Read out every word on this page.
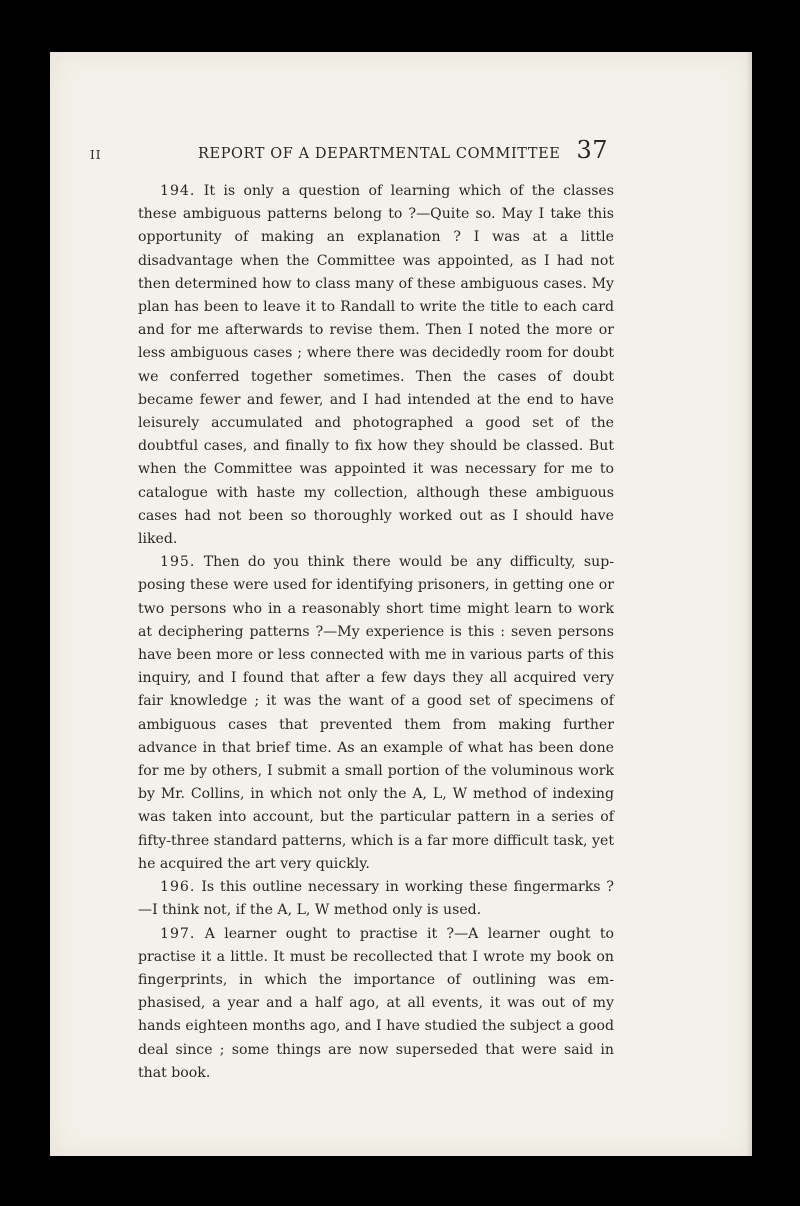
II	REPORT OF A DEPARTMENTAL COMMITTEE 37

194. It is only a question of learning which of the classes these ambiguous patterns belong to ?—Quite so. May I take this opportunity of making an explanation ? I was at a little disadvantage when the Committee was appointed, as I had not then determined how to class many of these ambiguous cases. My plan has been to leave it to Randall to write the title to each card and for me afterwards to revise them. Then I noted the more or less ambiguous cases ; where there was decidedly room for doubt we conferred together sometimes. Then the cases of doubt became fewer and fewer, and I had intended at the end to have leisurely accumulated and photographed a good set of the doubtful cases, and finally to fix how they should be classed. But when the Committee was appointed it was necessary for me to catalogue with haste my collection, although these ambiguous cases had not been so thoroughly worked out as I should have liked.

195. Then do you think there would be any difficulty, sup- posing these were used for identifying prisoners, in getting one or two persons who in a reasonably short time might learn to work at deciphering patterns ?—My experience is this : seven persons have been more or less connected with me in various parts of this inquiry, and I found that after a few days they all acquired very fair knowledge ; it was the want of a good set of specimens of ambiguous cases that prevented them from making further advance in that brief time. As an example of what has been done for me by others, I submit a small portion of the voluminous work by Mr. Collins, in which not only the A, L, W method of indexing was taken into account, but the particular pattern in a series of fifty-three standard patterns, which is a far more difficult task, yet he acquired the art very quickly.

196. Is this outline necessary in working these fingermarks ? —I think not, if the A, L, W method only is used.

197. A learner ought to practise it ?—A learner ought to practise it a little. It must be recollected that I wrote my book on fingerprints, in which the importance of outlining was em- phasised, a year and a half ago, at all events, it was out of my hands eighteen months ago, and I have studied the subject a good deal since ; some things are now superseded that were said in that book.
